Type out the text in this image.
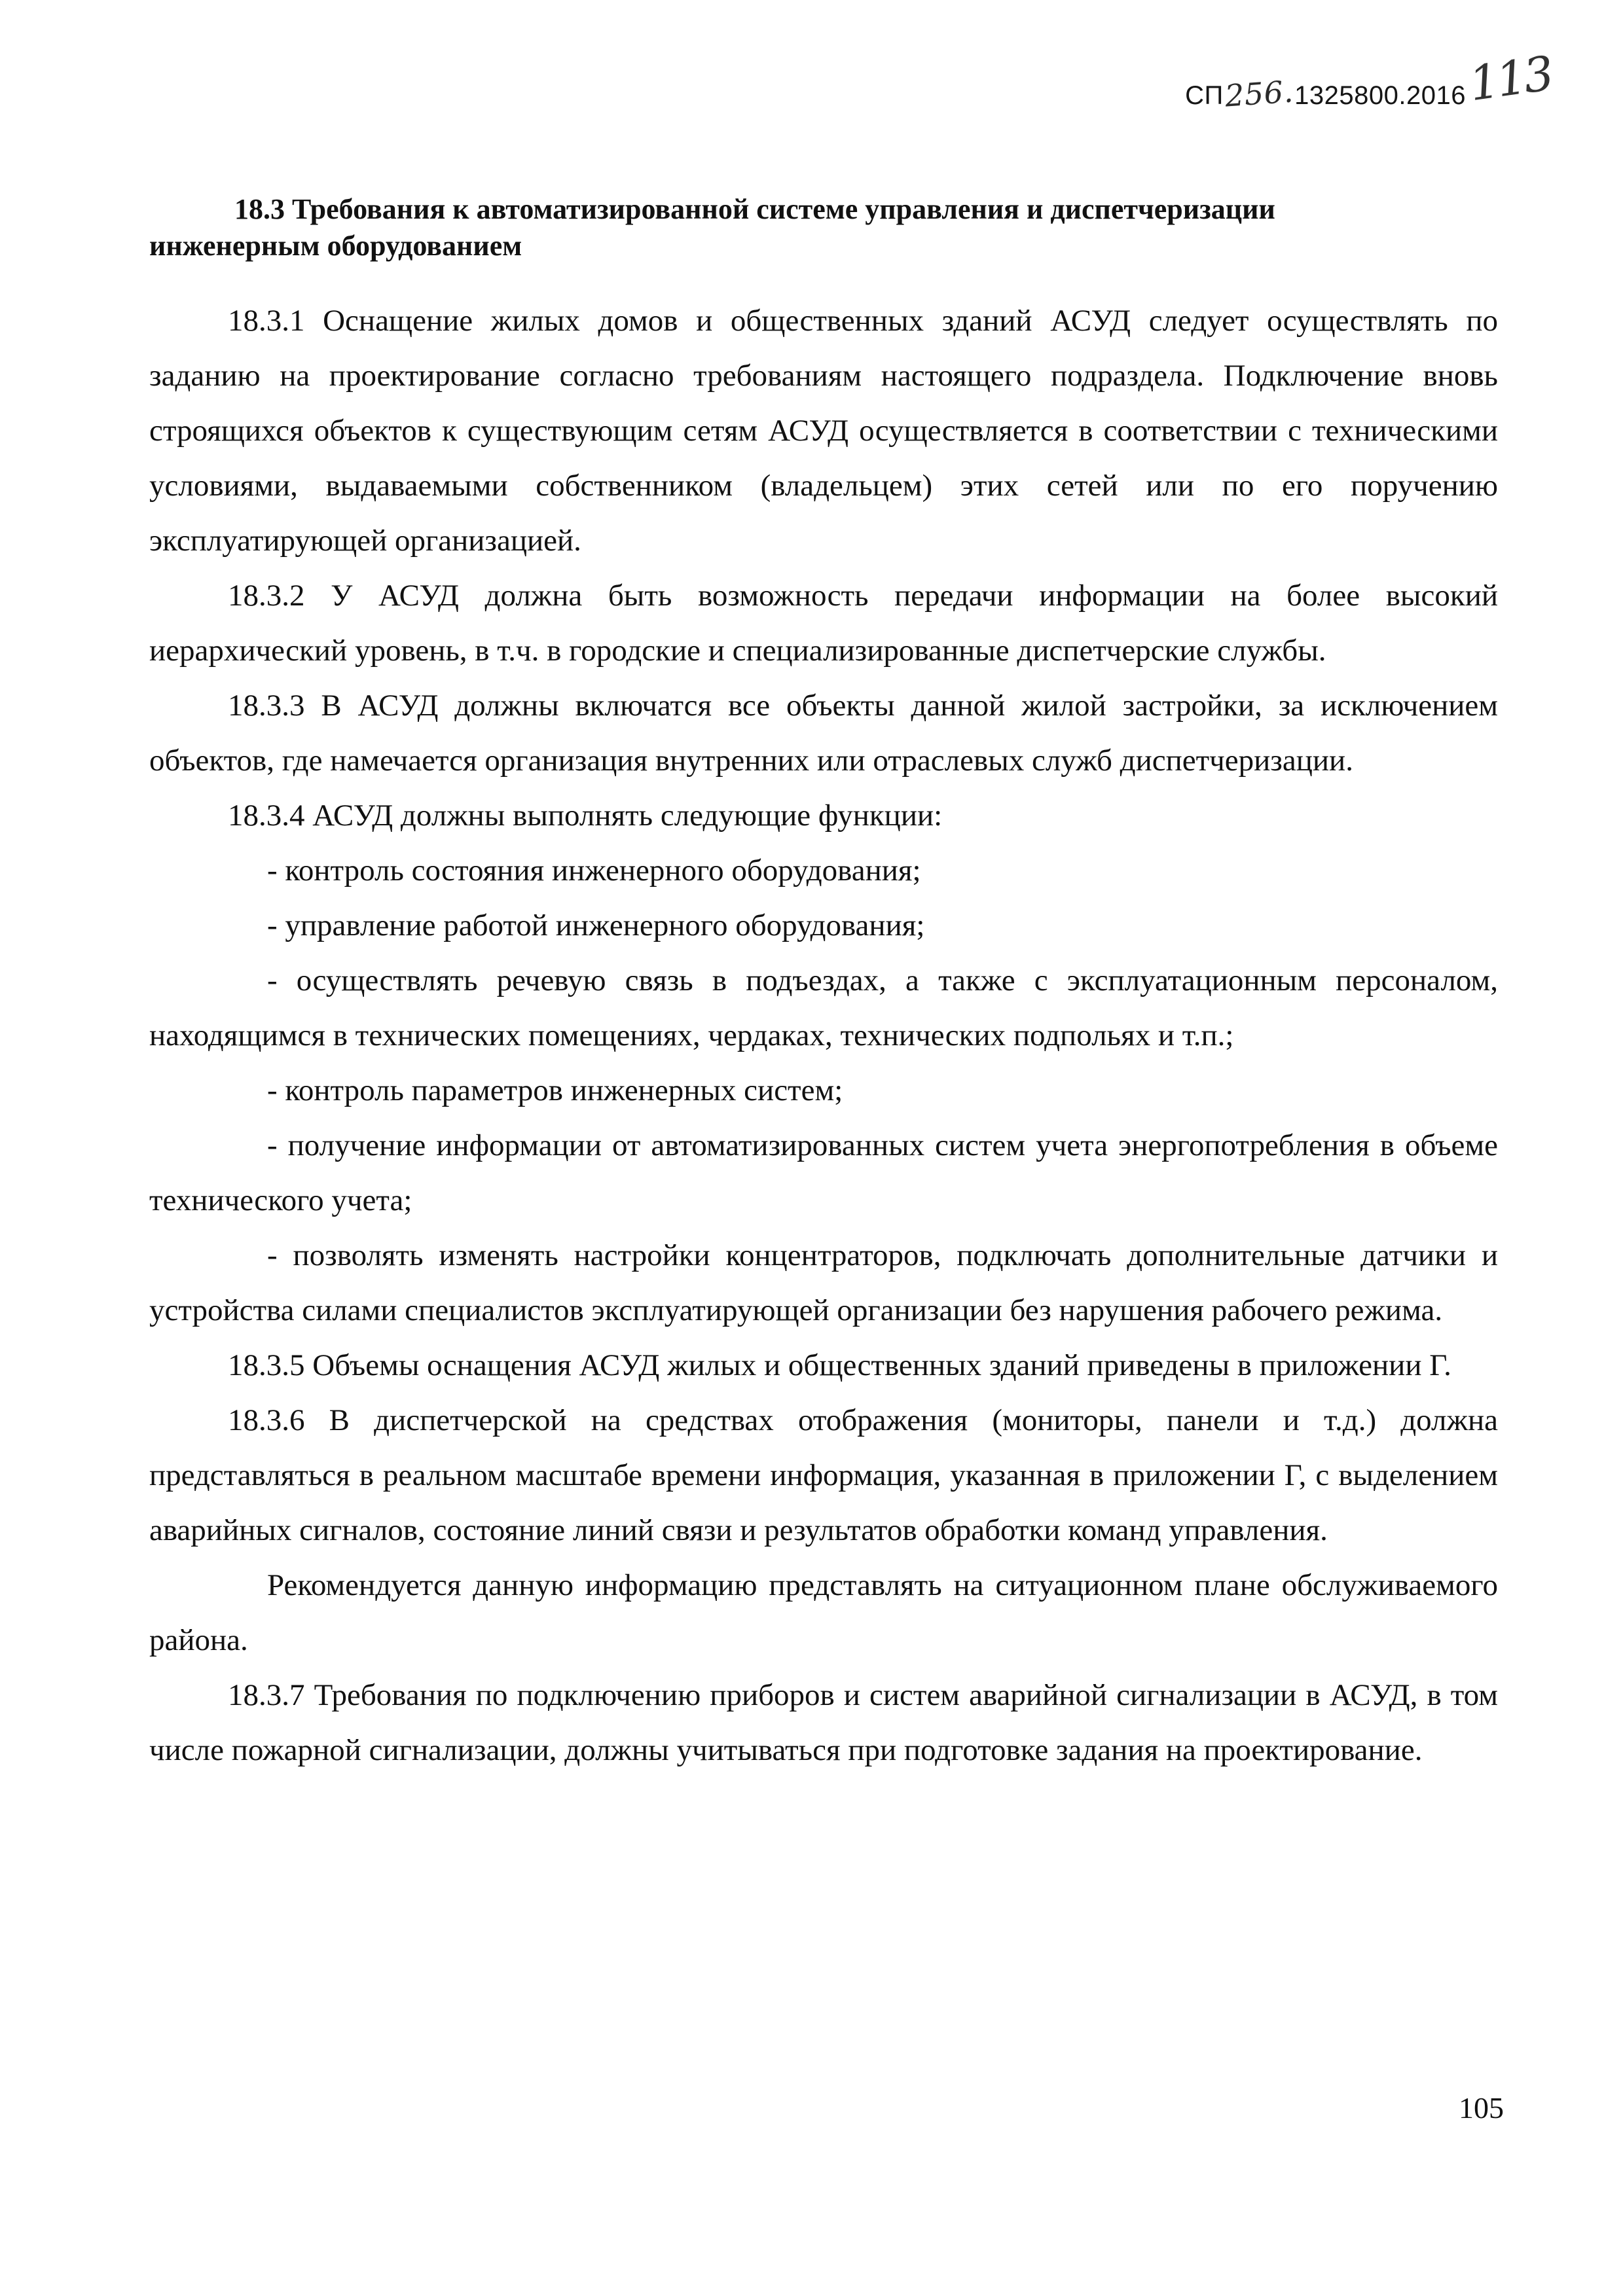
СП 256. 1325800.2016 113
18.3 Требования к автоматизированной системе управления и диспетчеризации
инженерным оборудованием

18.3.1 Оснащение жилых домов и общественных зданий АСУД следует осуществлять по заданию на проектирование согласно требованиям настоящего подраздела. Подключение вновь строящихся объектов к существующим сетям АСУД осуществляется в соответствии с техническими условиями, выдаваемыми собственником (владельцем) этих сетей или по его поручению эксплуатирующей организацией.

18.3.2 У АСУД должна быть возможность передачи информации на более высокий иерархический уровень, в т.ч. в городские и специализированные диспетчерские службы.

18.3.3 В АСУД должны включатся все объекты данной жилой застройки, за исключением объектов, где намечается организация внутренних или отраслевых служб диспетчеризации.

18.3.4 АСУД должны выполнять следующие функции:

- контроль состояния инженерного оборудования;

- управление работой инженерного оборудования;

- осуществлять речевую связь в подъездах, а также с эксплуатационным персоналом, находящимся в технических помещениях, чердаках, технических подпольях и т.п.;

- контроль параметров инженерных систем;

- получение информации от автоматизированных систем учета энергопотребления в объеме технического учета;

- позволять изменять настройки концентраторов, подключать дополнительные датчики и устройства силами специалистов эксплуатирующей организации без нарушения рабочего режима.

18.3.5 Объемы оснащения АСУД жилых и общественных зданий приведены в приложении Г.

18.3.6 В диспетчерской на средствах отображения (мониторы, панели и т.д.) должна представляться в реальном масштабе времени информация, указанная в приложении Г, с выделением аварийных сигналов, состояние линий связи и результатов обработки команд управления.

Рекомендуется данную информацию представлять на ситуационном плане обслуживаемого района.

18.3.7 Требования по подключению приборов и систем аварийной сигнализации в АСУД, в том числе пожарной сигнализации, должны учитываться при подготовке задания на проектирование.

105
